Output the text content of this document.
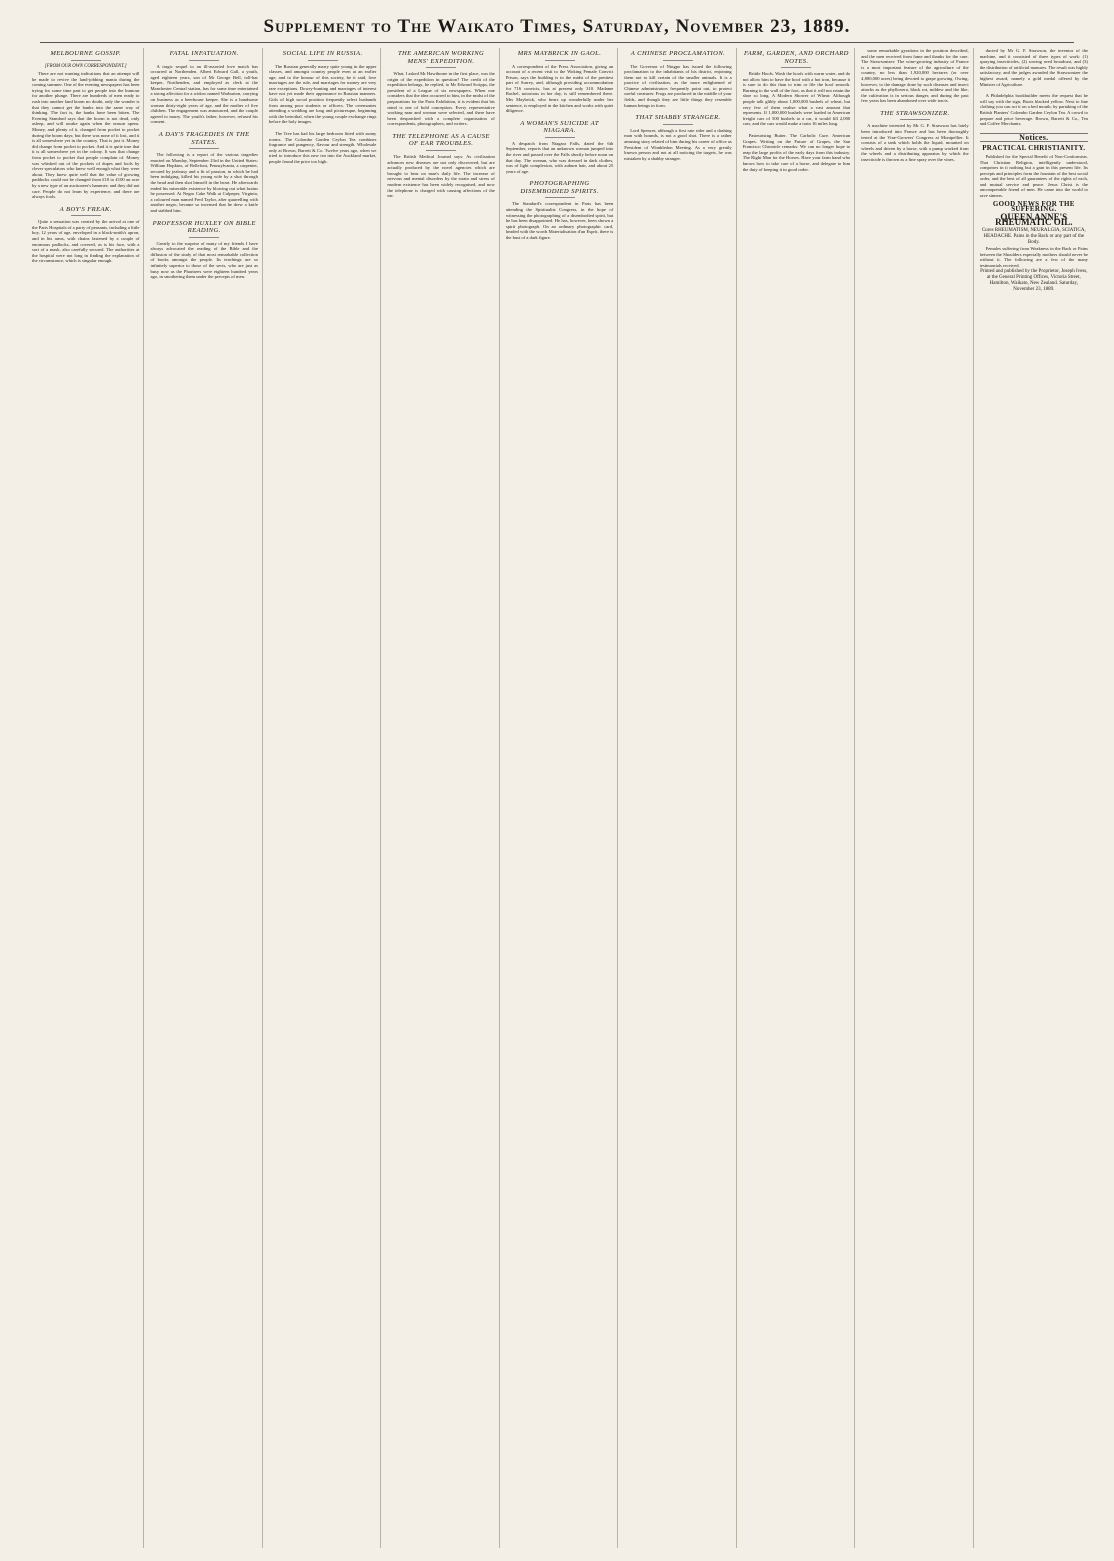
Supplement to The Waikato Times, Saturday, November 23, 1889.
MELBOURNE GOSSIP.
[FROM OUR OWN CORRESPONDENT.]
There are not wanting indications that an attempt will be made to revive the land-jobbing mania during the coming summer. One of the evening newspapers has been trying for some time past to get people into the humour for another plunge. There are hundreds of men ready to rush into another land boom no doubt, only the wonder is that they cannot get the banks into the same way of thinking. The fact is, the banks have been bitten. The Evening Standard says that the boom is not dead, only asleep, and will awake again when the season opens. Money, and plenty of it, changed from pocket to pocket during the boom days; but there was none of it lost, and it is all somewhere yet in the country. That is just it. Money did change from pocket to pocket. And it is quite true that it is all somewhere yet in the colony. It was that change from pocket to pocket that people complain of. Money was whisked out of the pockets of dupes and fools by clever speculators who knew well enough what they were about. They knew quite well that the value of growing paddocks could not be changed from £10 to £100 an acre by a new type of an auctioneer's hammer; and they did not care. People do not learn by experience, and there are always fools.
A BOY'S FREAK.
Quite a sensation was created by the arrival at one of the Paris Hospitals of a party of peasants, including a little boy, 12 years of age, enveloped in a black-smith's apron, and in his arms, with chains fastened by a couple of enormous padlocks, and covered, as is his face, with a sort of a mask, also carefully secured. The authorities at the hospital were not long in finding the explanation of the circumstance, which is singular enough.
FATAL INFATUATION.
A tragic sequel to an ill-assorted love match has occurred at Northenden. Albert Edward Gall, a youth, aged eighteen years, son of Mr George Bell, toll-bar keeper, Northenden, and employed as clerk at the Manchester Central station, has for some time entertained a strong affection for a widow named Warburton, carrying on business as a beerhouse keeper. She is a handsome woman thirty-eight years of age, and the mother of five children. The engagement was announced, and the couple agreed to marry. The youth's father, however, refused his consent.
A DAY'S TRAGEDIES IN THE STATES.
The following is a report of the various tragedies enacted on Monday, September 23rd in the United States: William Hopkins, of Bellefont, Pennsylvania, a carpenter, secured by jealousy and a fit of passion, in which he had been indulging, killed his young wife by a shot through the head and then shot himself in the heart. He afterwards ended his miserable existence by blowing out what brains he possessed. At Negro Cake Walk at Culpeper, Virginia, a coloured man named Fred Taylor, after quarrelling with another negro, became so incensed that he drew a knife and stabbed him.
PROFESSOR HUXLEY ON BIBLE READING.
Greatly to the surprise of many of my friends I have always advocated the reading of the Bible and the diffusion of the study of that most remarkable collection of books amongst the people. Its teachings are so infinitely superior to those of the sects, who are just as busy now as the Pharisees were eighteen hundred years ago, in smothering them under the precepts of men.
SOCIAL LIFE IN RUSSIA.
The Russian generally marry quite young in the upper classes, and amongst country people even at an earlier age; and to the honour of this society, be it said, love marriages are the rule, and marriages for money are very rare exceptions. Dowry-hunting and marriages of interest have not yet made their appearance in Russian manners. Girls of high social position frequently select husbands from among poor students or officers. The ceremonies attending a wedding are long and picturesque, beginning with the betrothal, when the young couple exchange rings before the holy images.
The Tree has had his large bedroom fitted with sunny rooms. The Colombo Garden Ceylon Tea combines fragrance and pungency, flavour and strength. Wholesale only at Brown, Barrett & Co. Twelve years ago, when we tried to introduce this new tea into the Auckland market, people found the price too high.
THE AMERICAN WORKING MENS' EXPEDITION.
What, I asked Mr Hawthorne in the first place, was the origin of the expedition in question? The credit of the expedition belongs, he replied, to Mr Edward Scripps, the president of a League of six newspapers. When one considers that the idea occurred to him, in the midst of the preparations for the Paris Exhibition, it is evident that his mind is one of bold conception. Every representative working man and woman were selected, and there have been despatched with a complete organisation of correspondents, photographers, and writers.
THE TELEPHONE AS A CAUSE OF EAR TROUBLES.
The British Medical Journal says: As civilisation advances new diseases are not only discovered, but are actually produced by the novel agencies which are brought to bear on man's daily life. The increase of nervous and mental disorders by the strain and stress of modern existence has been widely recognised, and now the telephone is charged with causing affections of the ear.
MRS MAYBRICK IN GAOL.
A correspondent of the Press Association, giving an account of a recent visit to the Woking Female Convict Prison, says the building is in the midst of the prettiest part of Surrey, and, although providing accommodation for 716 convicts, has at present only 310. Madame Rachel, notorious in her day, is still remembered there. Mrs Maybrick, who bears up wonderfully under her sentence, is employed in the kitchen and works with quiet diligence.
A WOMAN'S SUICIDE AT NIAGARA.
A despatch from Niagara Falls, dated the 6th September, reports that an unknown woman jumped into the river and passed over the Falls shortly before noon on that day. The woman, who was dressed in dark clothes, was of light complexion, with auburn hair, and about 25 years of age.
PHOTOGRAPHING DISEMBODIED SPIRITS.
The Standard's correspondent in Paris has been attending the Spiritualist Congress, in the hope of witnessing the photographing of a disembodied spirit, but he has been disappointed. He has, however, been shown a spirit photograph. On an ordinary photographic card, headed with the words Materialisation d'un Esprit, there is the bust of a dark figure.
A CHINESE PROCLAMATION.
The Governor of Ningpo has issued the following proclamation to the inhabitants of his district, enjoining them not to kill certain of the smaller animals. It is a practice of civilisation, as the more enlightened of Chinese administrators frequently point out, to protect useful creatures: Frogs are produced in the middle of your fields, and though they are little things they resemble human beings in form.
THAT SHABBY STRANGER.
Lord Spencer, although a first rate rider and a dashing man with hounds, is not a good shot. There is a rather amusing story related of him during his career of office as President of Wimbledon Meeting. As a very greatly known person and not at all noticing the targets, he was mistaken by a shabby stranger.
FARM, GARDEN, AND ORCHARD NOTES.
Brittle Hoofs. Wash the hoofs with warm water, and do not allow him to have the hoof with a hot iron, because it is sure to do this than to trim or file the hoof smooth. Burning to the wall of the foot, as that it will not retain the shoe so long. A Modern Shower of Wheat: Although people talk glibly about 1,000,000 bushels of wheat, but very few of them realise what a vast amount that represents. If 1,000,000 bushels were loaded in American freight cars of 500 bushels to a car, it would fill 2,000 cars, and the cars would make a train 16 miles long.
Pasteurising Butter. The Carbolic Cure. American Grapes. Writing on the Future of Grapes, the San Francisco Chronicle remarks: We can no longer hope to reap the large profits of the early days from this industry. The Right Man for the Horses. Have your farm hand who knows how to take care of a horse, and delegate to him the duty of keeping it in good order.
some remarkable gyrations in the position described, and the men received from fame and thanks for the cure. The Strawsonizer: The wine-growing industry of France is a most important feature of the agriculture of the country, no less than 1,920,000 hectares (or over 4,800,000 acres) being devoted to grape growing. Owing, however, to the damage done by such diseases and insect attacks as the phylloxera, black rot, mildew and the like, the cultivation is in serious danger, and during the past few years has been abandoned over wide tracts.
THE STRAWSONIZER.
A machine invented by Mr G. F. Strawson has lately been introduced into France and has been thoroughly tested at the Vine-Growers' Congress at Montpellier. It consists of a tank which holds the liquid, mounted on wheels and driven by a horse, with a pump worked from the wheels and a distributing apparatus by which the insecticide is thrown as a fine spray over the vines.
ducted by Mr G. F. Strawson, the inventor of the machine, and it consisted of three types of work: (1) spraying insecticides, (2) sowing seed broadcast, and (3) the distribution of artificial manures. The result was highly satisfactory, and the judges awarded the Strawsonizer the highest award, namely a gold medal offered by the Minister of Agriculture.
A Philadelphia bookbuilder meets the request that he will say with the sign, Boots blacked yellow. Next to fine clothing you can act it on a bed mouth, by partaking of the British Planters' Colombo Garden Ceylon Tea. A crowd to prepare and price beverage. Brown, Barrett & Co., Tea and Coffee Merchants.
Notices.
PRACTICAL CHRISTIANITY.
Published for the Special Benefit of Non-Conformists. That Christian Religion, intelligently understood, comprises in it nothing but a gain in this present life. Its precepts and principles form the fountain of the best social order, and the best of all guarantees of the rights of each, and mutual service and peace. Jesus Christ is the unconquerable friend of men. He came into the world to save sinners.
GOOD NEWS FOR THE SUFFERING.
QUEEN ANNE'S RHEUMATIC OIL.
Cures RHEUMATISM, NEURALGIA, SCIATICA, HEADACHE. Pains in the Back or any part of the Body.
Females suffering from Weakness in the Back or Pains between the Shoulders especially mothers should never be without it. The following are a few of the many testimonials received.
Printed and published by the Proprietor, Joseph Ivess, at the General Printing Offices, Victoria Street, Hamilton, Waikato, New Zealand. Saturday, November 23, 1889.
